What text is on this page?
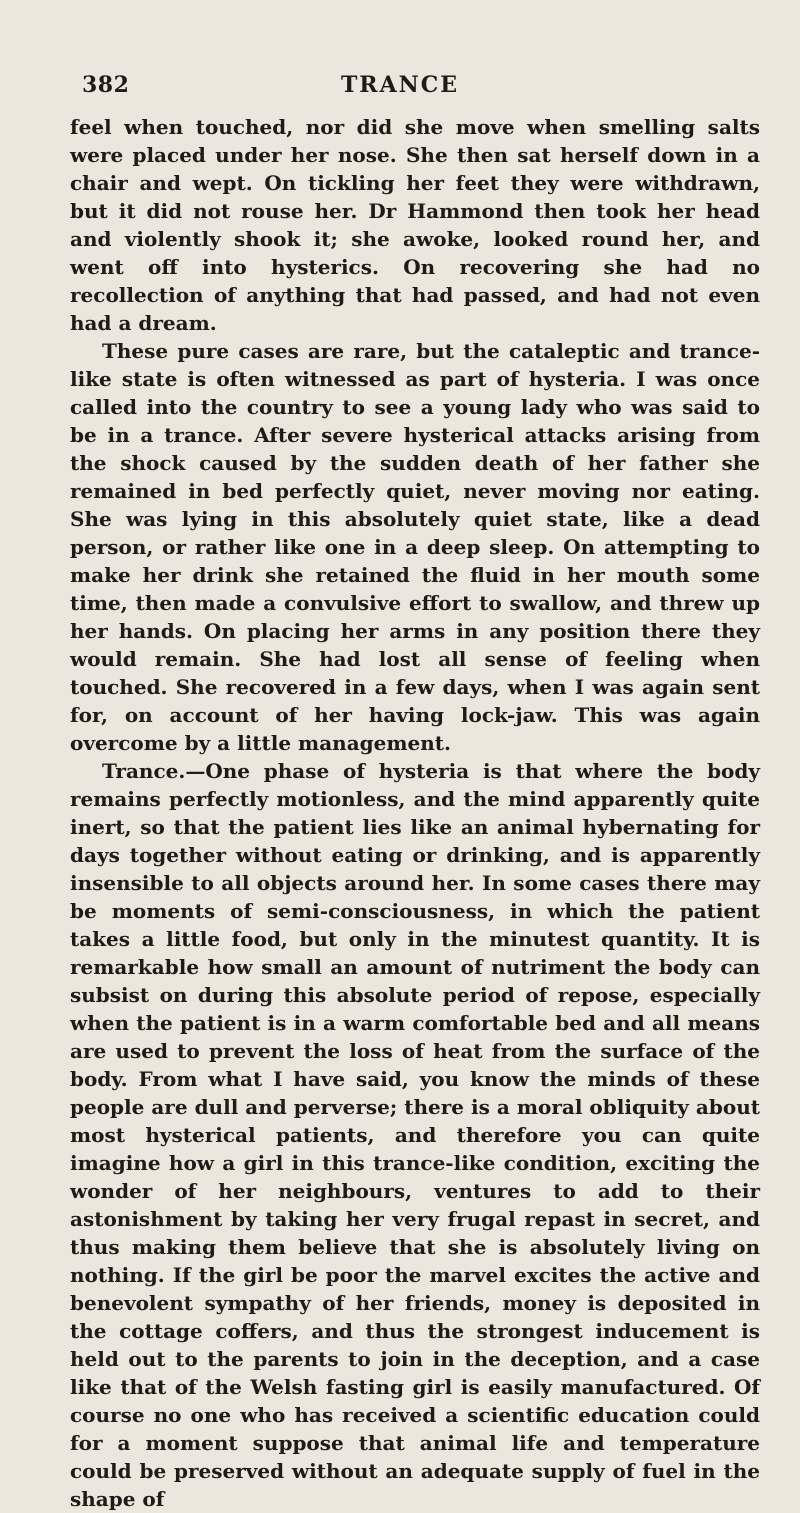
382	TRANCE

feel when touched, nor did she move when smelling salts were placed under her nose. She then sat herself down in a chair and wept. On tickling her feet they were withdrawn, but it did not rouse her. Dr Hammond then took her head and violently shook it; she awoke, looked round her, and went off into hysterics. On recovering she had no recollection of anything that had passed, and had not even had a dream.

These pure cases are rare, but the cataleptic and trance-like state is often witnessed as part of hysteria. I was once called into the country to see a young lady who was said to be in a trance. After severe hysterical attacks arising from the shock caused by the sudden death of her father she remained in bed perfectly quiet, never moving nor eating. She was lying in this absolutely quiet state, like a dead person, or rather like one in a deep sleep. On attempting to make her drink she retained the fluid in her mouth some time, then made a convulsive effort to swallow, and threw up her hands. On placing her arms in any position there they would remain. She had lost all sense of feeling when touched. She recovered in a few days, when I was again sent for, on account of her having lock-jaw. This was again overcome by a little management.

Trance.—One phase of hysteria is that where the body remains perfectly motionless, and the mind apparently quite inert, so that the patient lies like an animal hybernating for days together without eating or drinking, and is apparently insensible to all objects around her. In some cases there may be moments of semi-consciousness, in which the patient takes a little food, but only in the minutest quantity. It is remarkable how small an amount of nutriment the body can subsist on during this absolute period of repose, especially when the patient is in a warm comfortable bed and all means are used to prevent the loss of heat from the surface of the body. From what I have said, you know the minds of these people are dull and perverse; there is a moral obliquity about most hysterical patients, and therefore you can quite imagine how a girl in this trance-like condition, exciting the wonder of her neighbours, ventures to add to their astonishment by taking her very frugal repast in secret, and thus making them believe that she is absolutely living on nothing. If the girl be poor the marvel excites the active and benevolent sympathy of her friends, money is deposited in the cottage coffers, and thus the strongest inducement is held out to the parents to join in the deception, and a case like that of the Welsh fasting girl is easily manufactured. Of course no one who has received a scientific education could for a moment suppose that animal life and temperature could be preserved without an adequate supply of fuel in the shape of
